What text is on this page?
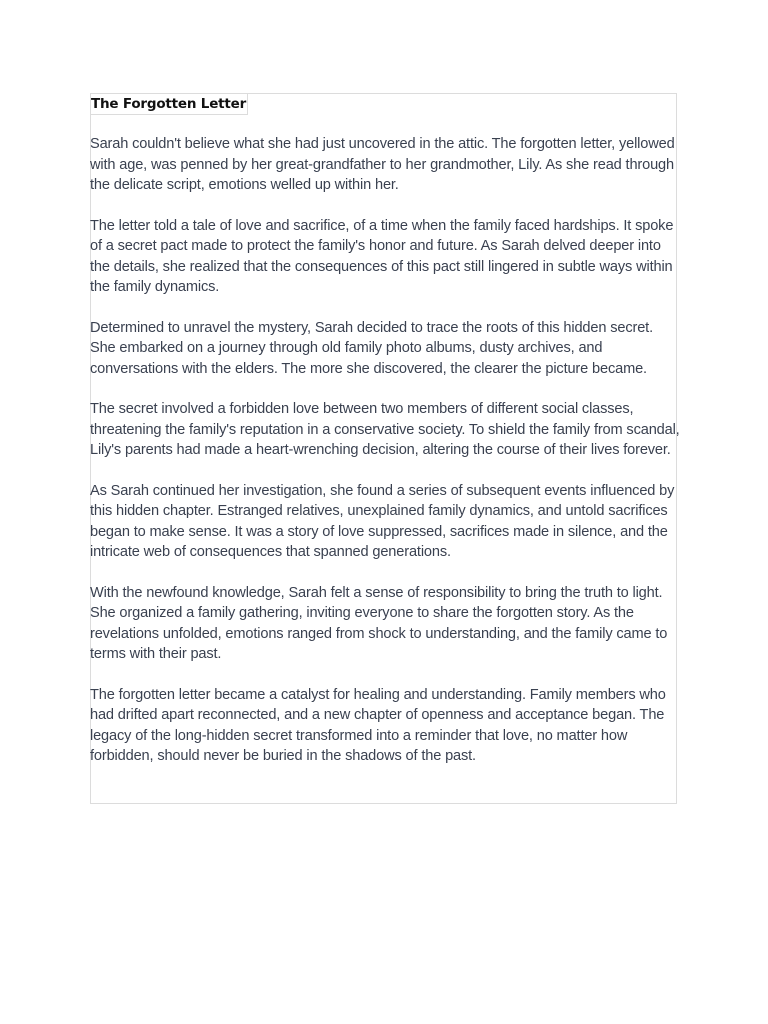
The Forgotten Letter

Sarah couldn't believe what she had just uncovered in the attic. The forgotten letter, yellowed with age, was penned by her great-grandfather to her grandmother, Lily. As she read through the delicate script, emotions welled up within her.

The letter told a tale of love and sacrifice, of a time when the family faced hardships. It spoke of a secret pact made to protect the family's honor and future. As Sarah delved deeper into the details, she realized that the consequences of this pact still lingered in subtle ways within the family dynamics.

Determined to unravel the mystery, Sarah decided to trace the roots of this hidden secret. She embarked on a journey through old family photo albums, dusty archives, and conversations with the elders. The more she discovered, the clearer the picture became.

The secret involved a forbidden love between two members of different social classes, threatening the family's reputation in a conservative society. To shield the family from scandal, Lily's parents had made a heart-wrenching decision, altering the course of their lives forever.

As Sarah continued her investigation, she found a series of subsequent events influenced by this hidden chapter. Estranged relatives, unexplained family dynamics, and untold sacrifices began to make sense. It was a story of love suppressed, sacrifices made in silence, and the intricate web of consequences that spanned generations.

With the newfound knowledge, Sarah felt a sense of responsibility to bring the truth to light. She organized a family gathering, inviting everyone to share the forgotten story. As the revelations unfolded, emotions ranged from shock to understanding, and the family came to terms with their past.

The forgotten letter became a catalyst for healing and understanding. Family members who had drifted apart reconnected, and a new chapter of openness and acceptance began. The legacy of the long-hidden secret transformed into a reminder that love, no matter how forbidden, should never be buried in the shadows of the past.
